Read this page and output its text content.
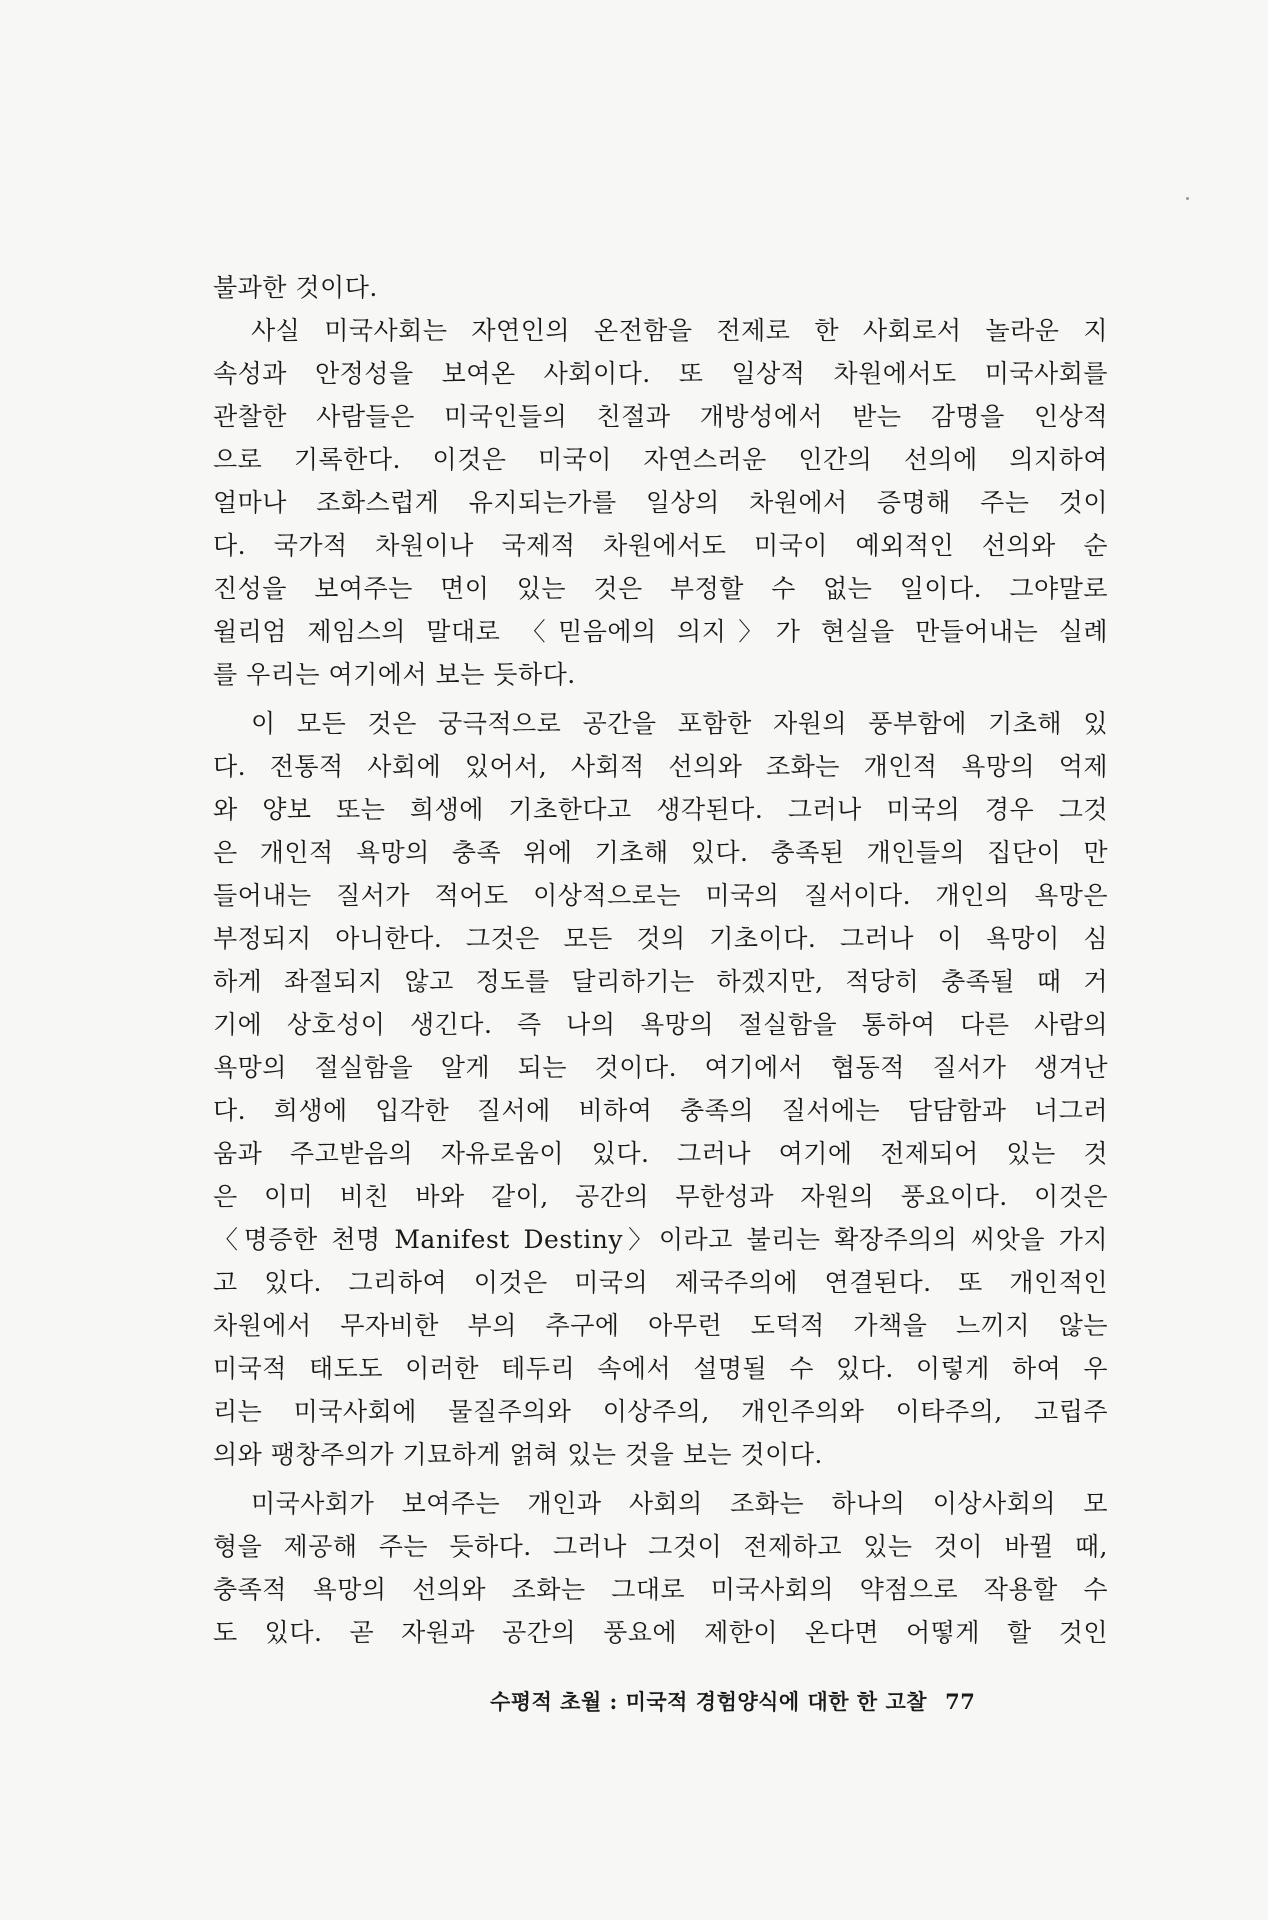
불과한 것이다.
사실 미국사회는 자연인의 온전함을 전제로 한 사회로서 놀라운 지
속성과 안정성을 보여온 사회이다. 또 일상적 차원에서도 미국사회를
관찰한 사람들은 미국인들의 친절과 개방성에서 받는 감명을 인상적
으로 기록한다. 이것은 미국이 자연스러운 인간의 선의에 의지하여
얼마나 조화스럽게 유지되는가를 일상의 차원에서 증명해 주는 것이
다. 국가적 차원이나 국제적 차원에서도 미국이 예외적인 선의와 순
진성을 보여주는 면이 있는 것은 부정할 수 없는 일이다. 그야말로
윌리엄 제임스의 말대로 〈믿음에의 의지〉가 현실을 만들어내는 실례
를 우리는 여기에서 보는 듯하다.
이 모든 것은 궁극적으로 공간을 포함한 자원의 풍부함에 기초해 있
다. 전통적 사회에 있어서, 사회적 선의와 조화는 개인적 욕망의 억제
와 양보 또는 희생에 기초한다고 생각된다. 그러나 미국의 경우 그것
은 개인적 욕망의 충족 위에 기초해 있다. 충족된 개인들의 집단이 만
들어내는 질서가 적어도 이상적으로는 미국의 질서이다. 개인의 욕망은
부정되지 아니한다. 그것은 모든 것의 기초이다. 그러나 이 욕망이 심
하게 좌절되지 않고 정도를 달리하기는 하겠지만, 적당히 충족될 때 거
기에 상호성이 생긴다. 즉 나의 욕망의 절실함을 통하여 다른 사람의
욕망의 절실함을 알게 되는 것이다. 여기에서 협동적 질서가 생겨난
다. 희생에 입각한 질서에 비하여 충족의 질서에는 담담함과 너그러
움과 주고받음의 자유로움이 있다. 그러나 여기에 전제되어 있는 것
은 이미 비친 바와 같이, 공간의 무한성과 자원의 풍요이다. 이것은
〈명증한 천명 Manifest Destiny〉이라고 불리는 확장주의의 씨앗을 가지
고 있다. 그리하여 이것은 미국의 제국주의에 연결된다. 또 개인적인
차원에서 무자비한 부의 추구에 아무런 도덕적 가책을 느끼지 않는
미국적 태도도 이러한 테두리 속에서 설명될 수 있다. 이렇게 하여 우
리는 미국사회에 물질주의와 이상주의, 개인주의와 이타주의, 고립주
의와 팽창주의가 기묘하게 얽혀 있는 것을 보는 것이다.
미국사회가 보여주는 개인과 사회의 조화는 하나의 이상사회의 모
형을 제공해 주는 듯하다. 그러나 그것이 전제하고 있는 것이 바뀔 때,
충족적 욕망의 선의와 조화는 그대로 미국사회의 약점으로 작용할 수
도 있다. 곧 자원과 공간의 풍요에 제한이 온다면 어떻게 할 것인
수평적 초월 : 미국적 경험양식에 대한 한 고찰 77
